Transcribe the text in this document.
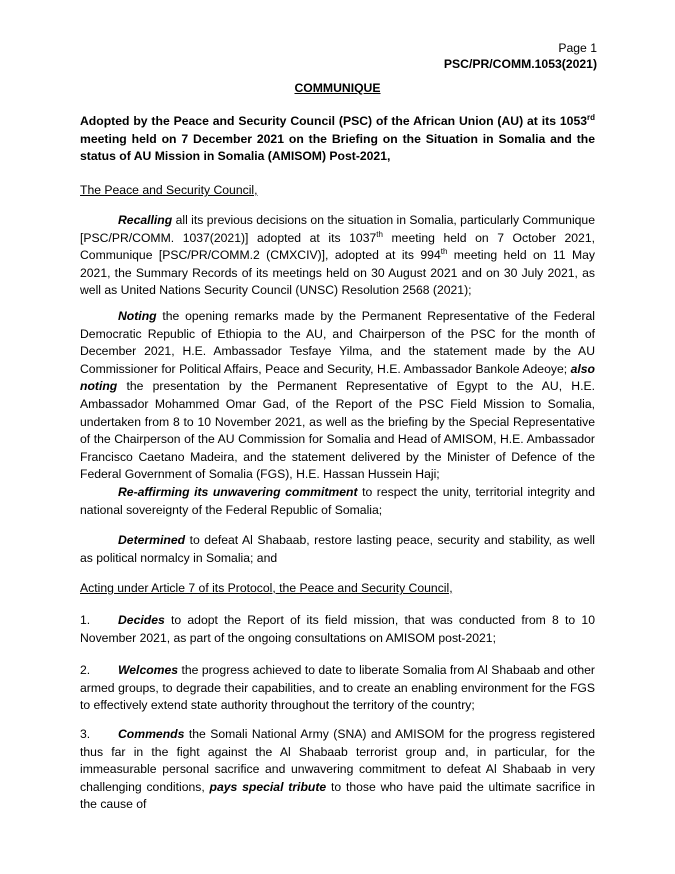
Page 1
PSC/PR/COMM.1053(2021)
COMMUNIQUE
Adopted by the Peace and Security Council (PSC) of the African Union (AU) at its 1053rd meeting held on 7 December 2021 on the Briefing on the Situation in Somalia and the status of AU Mission in Somalia (AMISOM) Post-2021,
The Peace and Security Council,
Recalling all its previous decisions on the situation in Somalia, particularly Communique [PSC/PR/COMM. 1037(2021)] adopted at its 1037th meeting held on 7 October 2021, Communique [PSC/PR/COMM.2 (CMXCIV)], adopted at its 994th meeting held on 11 May 2021, the Summary Records of its meetings held on 30 August 2021 and on 30 July 2021, as well as United Nations Security Council (UNSC) Resolution 2568 (2021);
Noting the opening remarks made by the Permanent Representative of the Federal Democratic Republic of Ethiopia to the AU, and Chairperson of the PSC for the month of December 2021, H.E. Ambassador Tesfaye Yilma, and the statement made by the AU Commissioner for Political Affairs, Peace and Security, H.E. Ambassador Bankole Adeoye; also noting the presentation by the Permanent Representative of Egypt to the AU, H.E. Ambassador Mohammed Omar Gad, of the Report of the PSC Field Mission to Somalia, undertaken from 8 to 10 November 2021, as well as the briefing by the Special Representative of the Chairperson of the AU Commission for Somalia and Head of AMISOM, H.E. Ambassador Francisco Caetano Madeira, and the statement delivered by the Minister of Defence of the Federal Government of Somalia (FGS), H.E. Hassan Hussein Haji;
Re-affirming its unwavering commitment to respect the unity, territorial integrity and national sovereignty of the Federal Republic of Somalia;
Determined to defeat Al Shabaab, restore lasting peace, security and stability, as well as political normalcy in Somalia; and
Acting under Article 7 of its Protocol, the Peace and Security Council,
1. Decides to adopt the Report of its field mission, that was conducted from 8 to 10 November 2021, as part of the ongoing consultations on AMISOM post-2021;
2. Welcomes the progress achieved to date to liberate Somalia from Al Shabaab and other armed groups, to degrade their capabilities, and to create an enabling environment for the FGS to effectively extend state authority throughout the territory of the country;
3. Commends the Somali National Army (SNA) and AMISOM for the progress registered thus far in the fight against the Al Shabaab terrorist group and, in particular, for the immeasurable personal sacrifice and unwavering commitment to defeat Al Shabaab in very challenging conditions, pays special tribute to those who have paid the ultimate sacrifice in the cause of
